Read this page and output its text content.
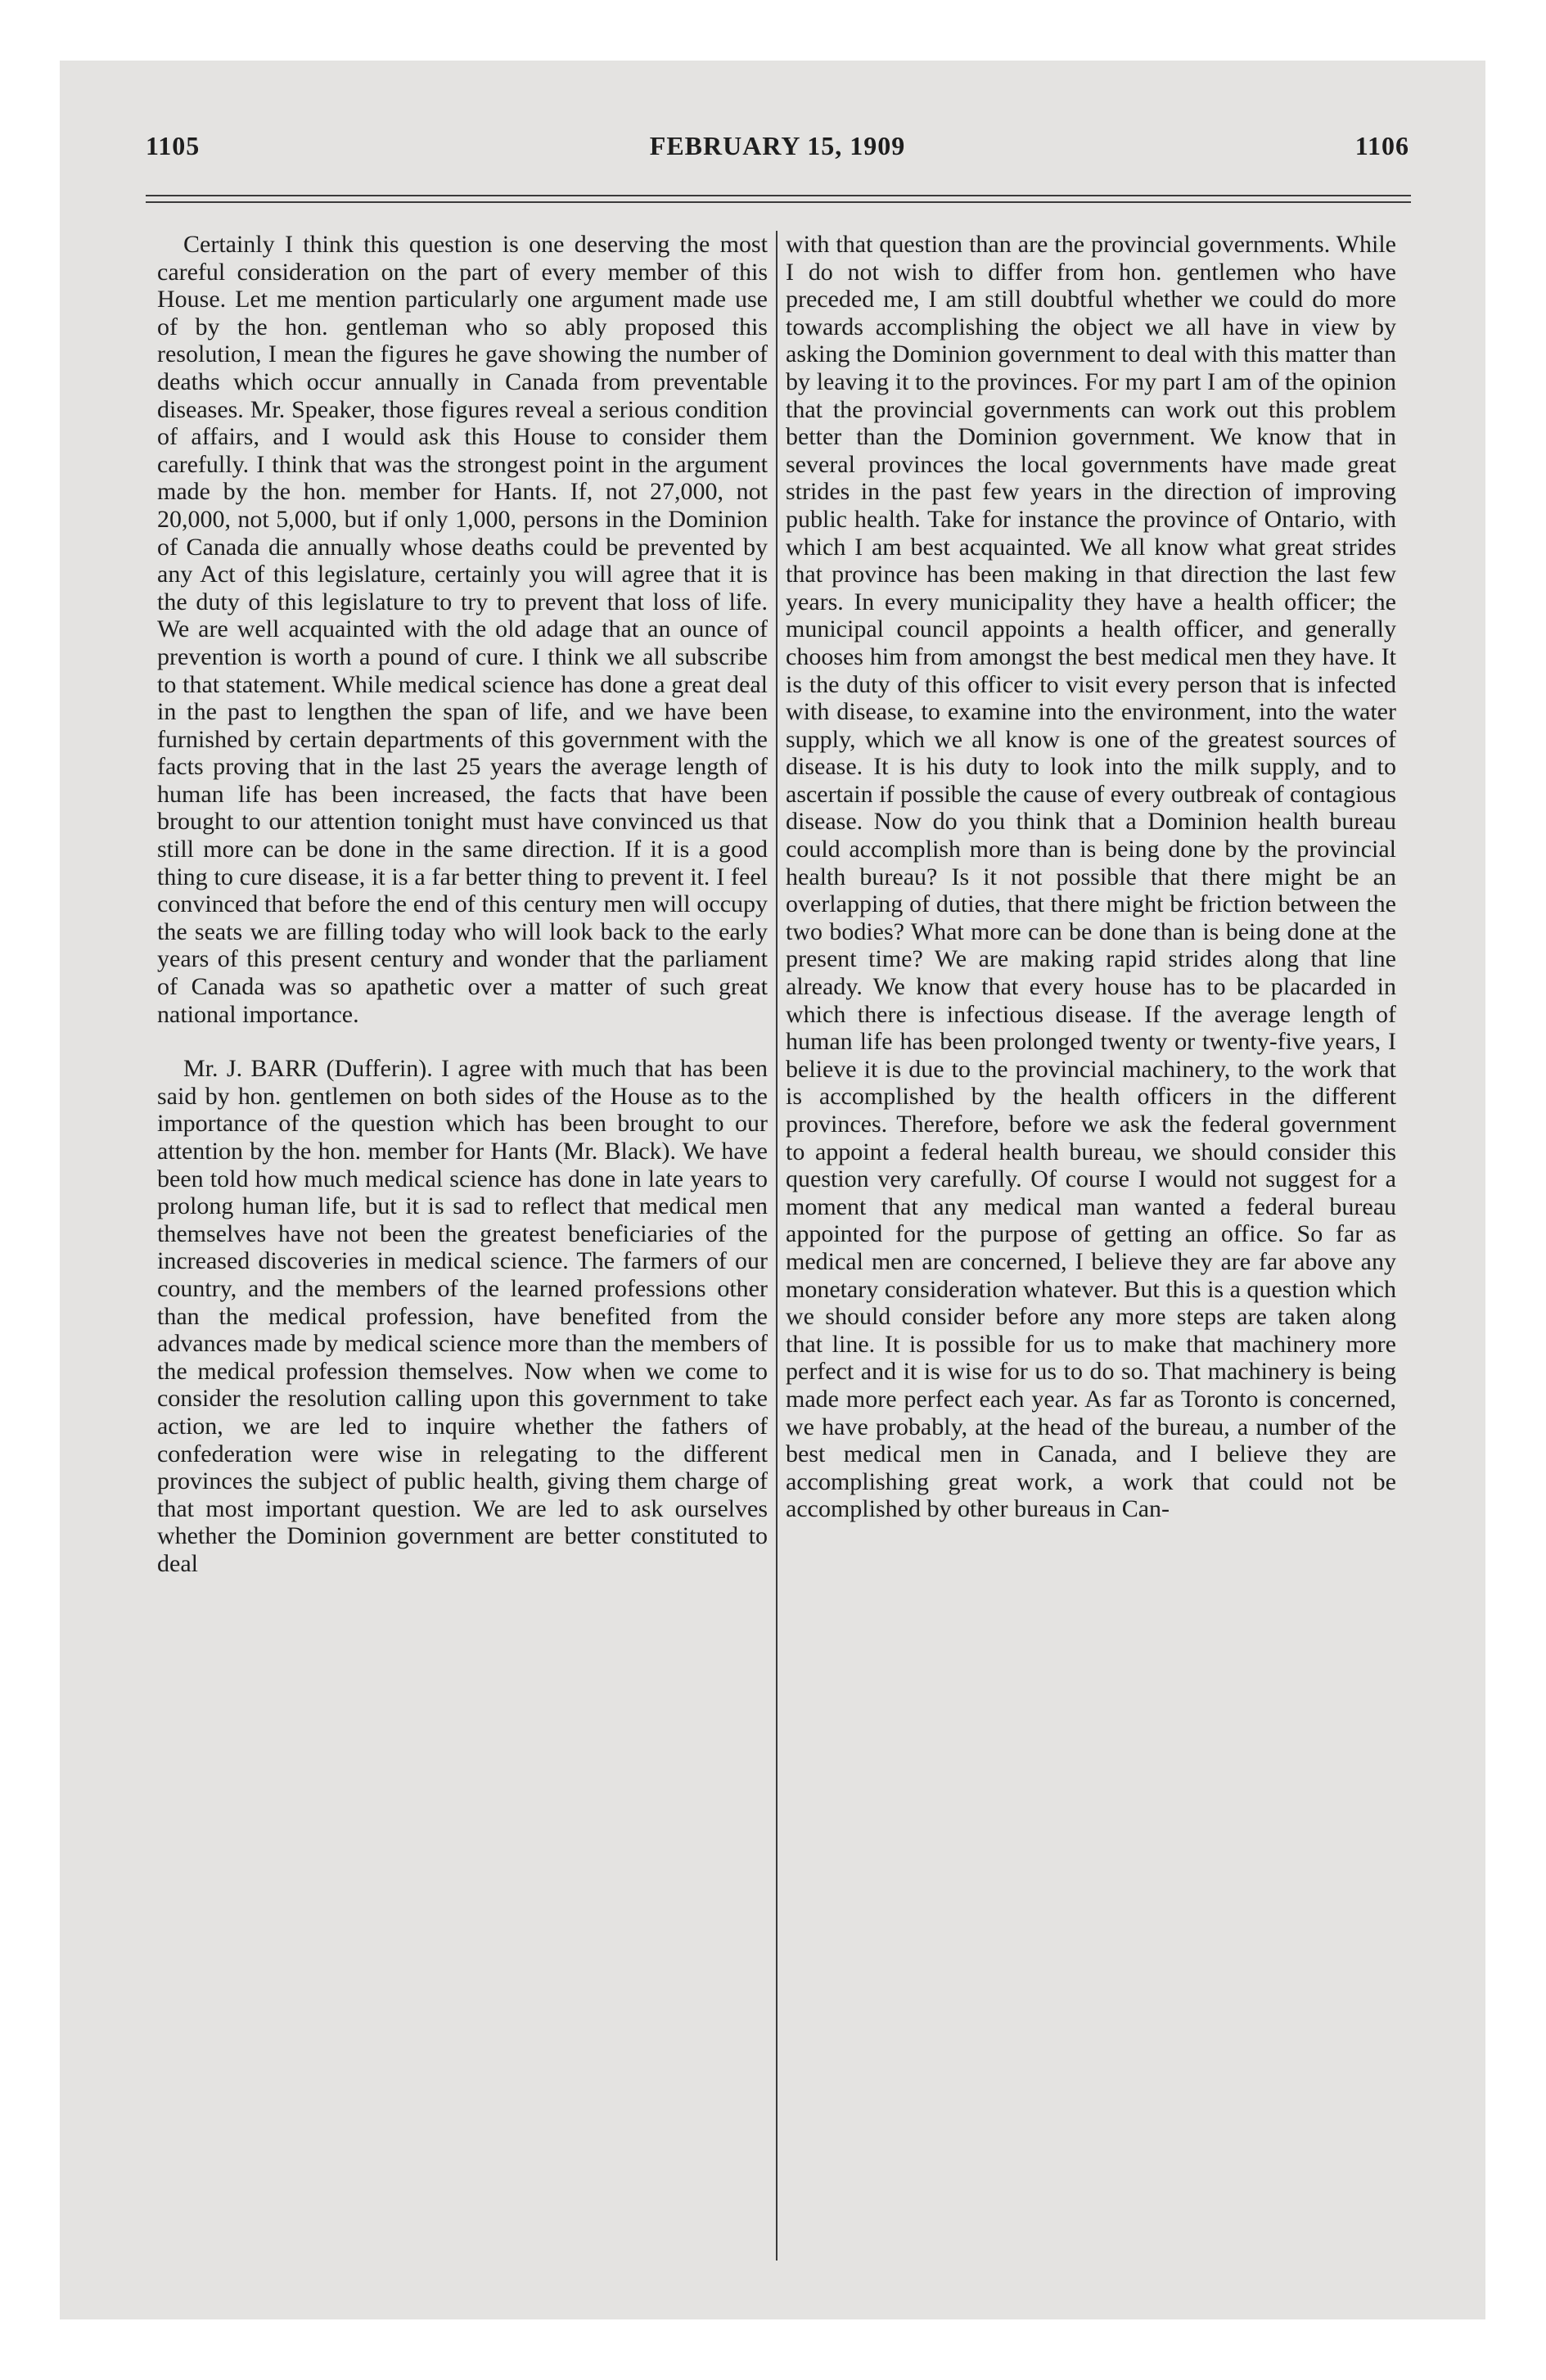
1105	FEBRUARY 15, 1909	1106

Certainly I think this question is one deserving the most careful consideration on the part of every member of this House. Let me mention particularly one argument made use of by the hon. gentleman who so ably proposed this resolution, I mean the figures he gave showing the number of deaths which occur annually in Canada from preventable diseases. Mr. Speaker, those figures reveal a serious condition of affairs, and I would ask this House to consider them carefully. I think that was the strongest point in the argument made by the hon. member for Hants. If, not 27,000, not 20,000, not 5,000, but if only 1,000, persons in the Dominion of Canada die annually whose deaths could be prevented by any Act of this legislature, certainly you will agree that it is the duty of this legislature to try to prevent that loss of life. We are well acquainted with the old adage that an ounce of prevention is worth a pound of cure. I think we all subscribe to that statement. While medical science has done a great deal in the past to lengthen the span of life, and we have been furnished by certain departments of this government with the facts proving that in the last 25 years the average length of human life has been increased, the facts that have been brought to our attention tonight must have convinced us that still more can be done in the same direction. If it is a good thing to cure disease, it is a far better thing to prevent it. I feel convinced that before the end of this century men will occupy the seats we are filling today who will look back to the early years of this present century and wonder that the parliament of Canada was so apathetic over a matter of such great national importance.

Mr. J. BARR (Dufferin). I agree with much that has been said by hon. gentlemen on both sides of the House as to the importance of the question which has been brought to our attention by the hon. member for Hants (Mr. Black). We have been told how much medical science has done in late years to prolong human life, but it is sad to reflect that medical men themselves have not been the greatest beneficiaries of the increased discoveries in medical science. The farmers of our country, and the members of the learned professions other than the medical profession, have benefited from the advances made by medical science more than the members of the medical profession themselves. Now when we come to consider the resolution calling upon this government to take action, we are led to inquire whether the fathers of confederation were wise in relegating to the different provinces the subject of public health, giving them charge of that most important question. We are led to ask ourselves whether the Dominion government are better constituted to deal

with that question than are the provincial governments. While I do not wish to differ from hon. gentlemen who have preceded me, I am still doubtful whether we could do more towards accomplishing the object we all have in view by asking the Dominion government to deal with this matter than by leaving it to the provinces. For my part I am of the opinion that the provincial governments can work out this problem better than the Dominion government. We know that in several provinces the local governments have made great strides in the past few years in the direction of improving public health. Take for instance the province of Ontario, with which I am best acquainted. We all know what great strides that province has been making in that direction the last few years. In every municipality they have a health officer; the municipal council appoints a health officer, and generally chooses him from amongst the best medical men they have. It is the duty of this officer to visit every person that is infected with disease, to examine into the environment, into the water supply, which we all know is one of the greatest sources of disease. It is his duty to look into the milk supply, and to ascertain if possible the cause of every outbreak of contagious disease. Now do you think that a Dominion health bureau could accomplish more than is being done by the provincial health bureau? Is it not possible that there might be an overlapping of duties, that there might be friction between the two bodies? What more can be done than is being done at the present time? We are making rapid strides along that line already. We know that every house has to be placarded in which there is infectious disease. If the average length of human life has been prolonged twenty or twenty-five years, I believe it is due to the provincial machinery, to the work that is accomplished by the health officers in the different provinces. Therefore, before we ask the federal government to appoint a federal health bureau, we should consider this question very carefully. Of course I would not suggest for a moment that any medical man wanted a federal bureau appointed for the purpose of getting an office. So far as medical men are concerned, I believe they are far above any monetary consideration whatever. But this is a question which we should consider before any more steps are taken along that line. It is possible for us to make that machinery more perfect and it is wise for us to do so. That machinery is being made more perfect each year. As far as Toronto is concerned, we have probably, at the head of the bureau, a number of the best medical men in Canada, and I believe they are accomplishing great work, a work that could not be accomplished by other bureaus in Can-
